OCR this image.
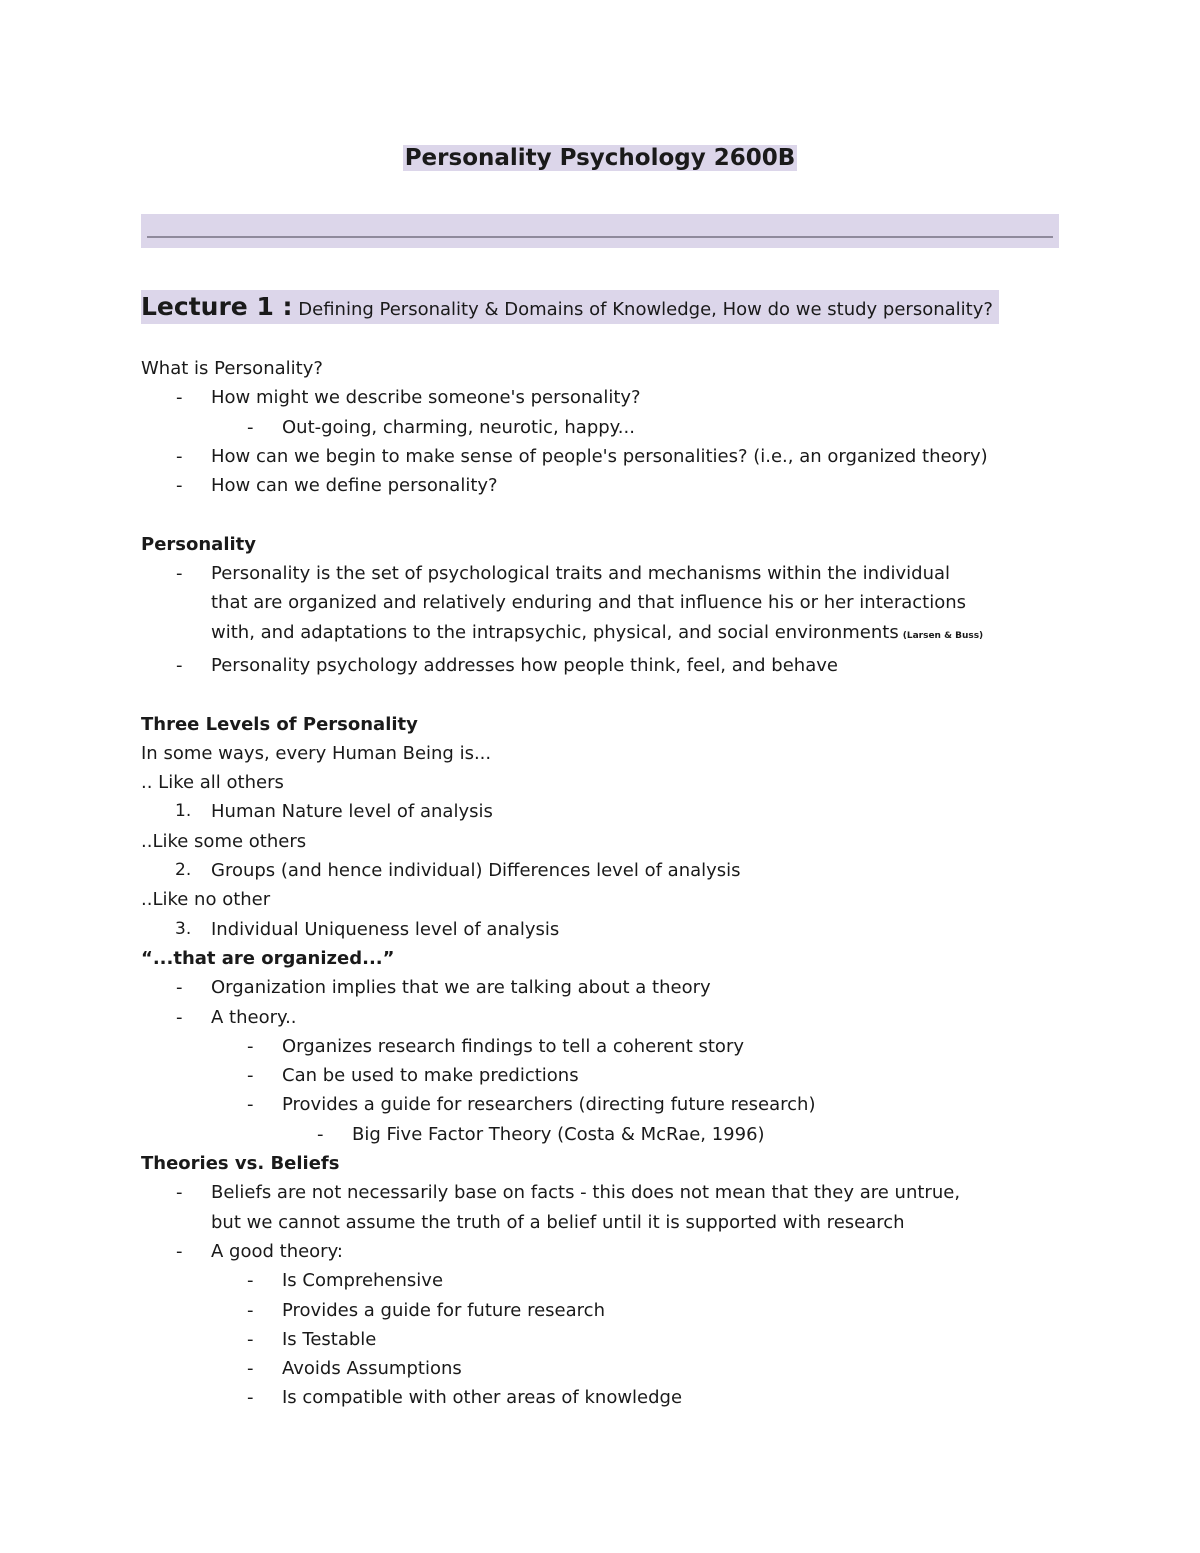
Personality Psychology 2600B
Lecture 1 : Defining Personality & Domains of Knowledge, How do we study personality?
What is Personality?
- How might we describe someone's personality?
- Out-going, charming, neurotic, happy...
- How can we begin to make sense of people's personalities? (i.e., an organized theory)
- How can we define personality?
Personality
- Personality is the set of psychological traits and mechanisms within the individual
that are organized and relatively enduring and that influence his or her interactions
with, and adaptations to the intrapsychic, physical, and social environments (Larsen & Buss)
- Personality psychology addresses how people think, feel, and behave
Three Levels of Personality
In some ways, every Human Being is...
.. Like all others
1. Human Nature level of analysis
..Like some others
2. Groups (and hence individual) Differences level of analysis
..Like no other
3. Individual Uniqueness level of analysis
“...that are organized...”
- Organization implies that we are talking about a theory
- A theory..
- Organizes research findings to tell a coherent story
- Can be used to make predictions
- Provides a guide for researchers (directing future research)
- Big Five Factor Theory (Costa & McRae, 1996)
Theories vs. Beliefs
- Beliefs are not necessarily base on facts - this does not mean that they are untrue,
but we cannot assume the truth of a belief until it is supported with research
- A good theory:
- Is Comprehensive
- Provides a guide for future research
- Is Testable
- Avoids Assumptions
- Is compatible with other areas of knowledge
